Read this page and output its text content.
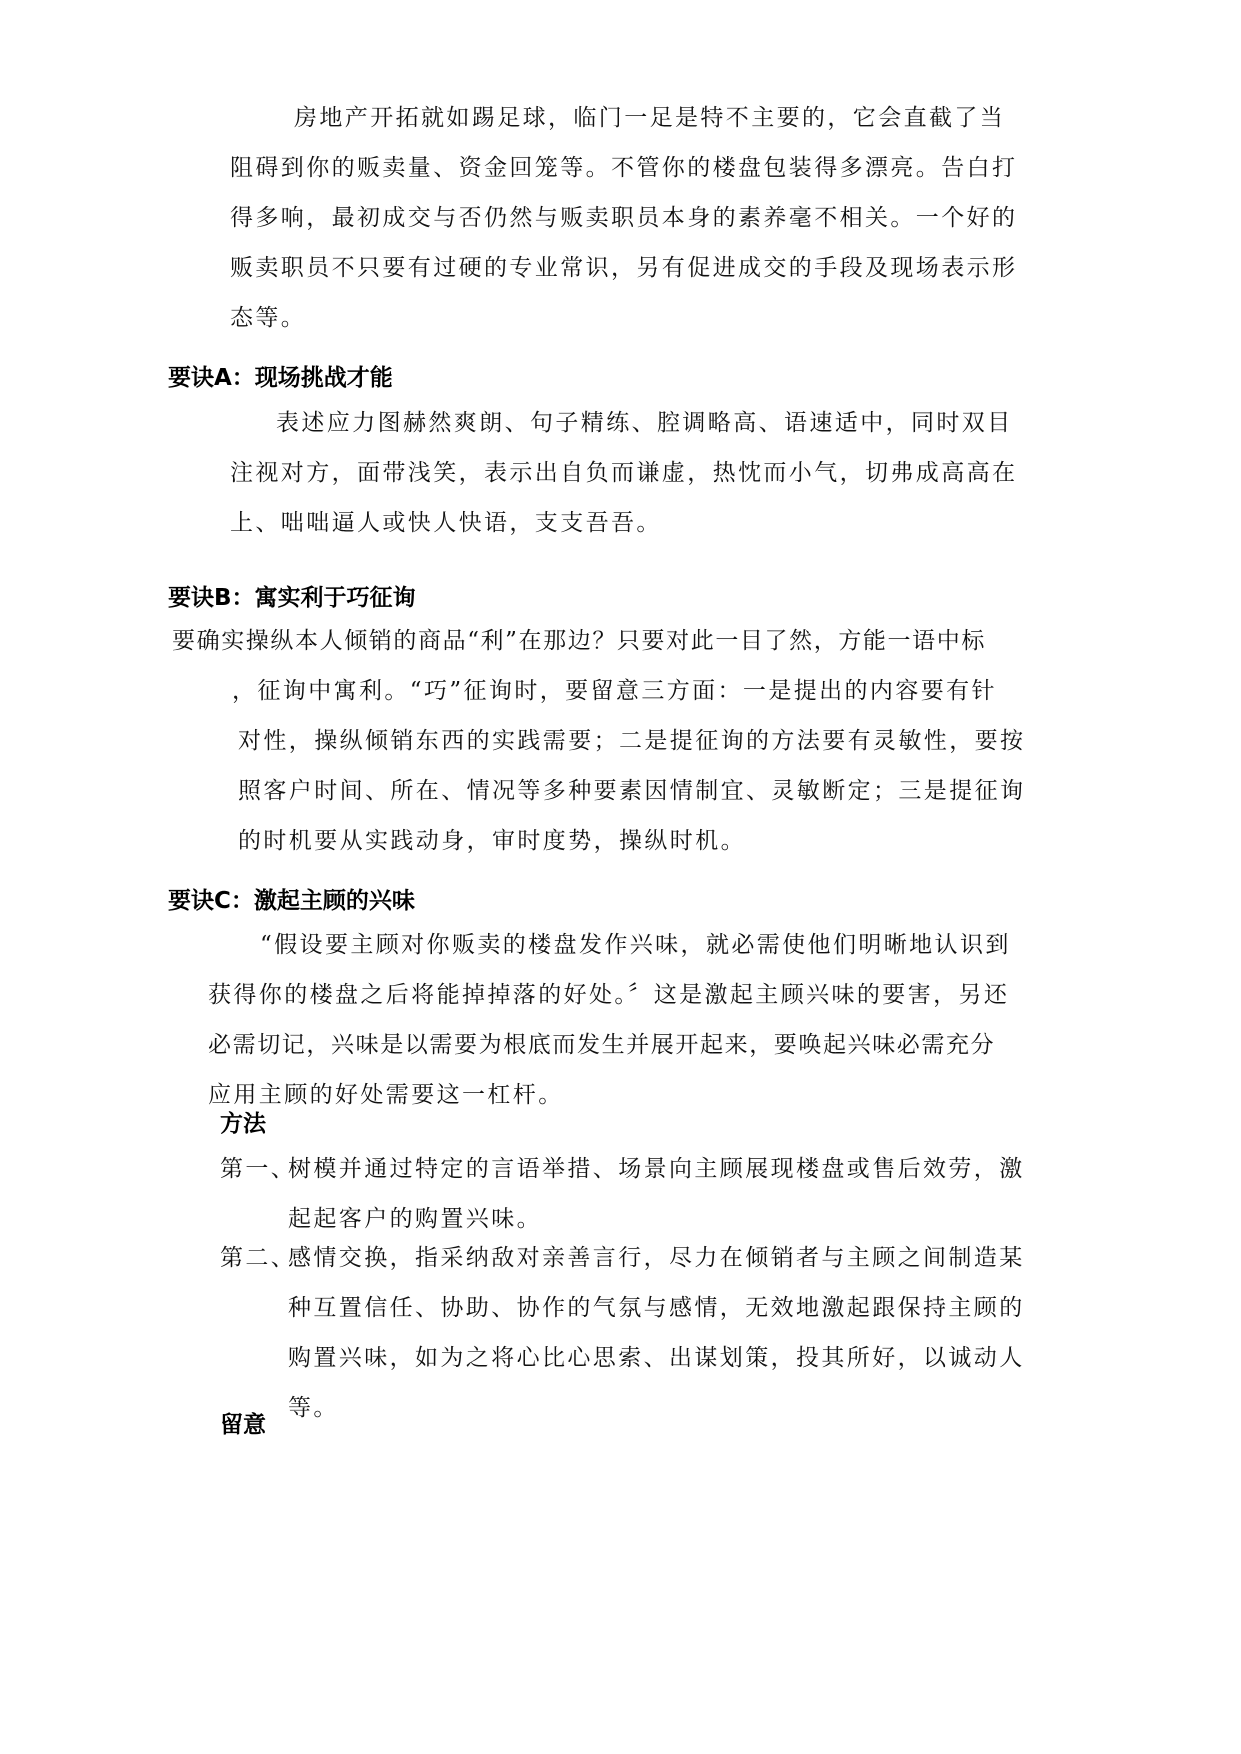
房地产开拓就如踢足球，临门一足是特不主要的，它会直截了当
阻碍到你的贩卖量、资金回笼等。不管你的楼盘包装得多漂亮。告白打
得多响，最初成交与否仍然与贩卖职员本身的素养毫不相关。一个好的
贩卖职员不只要有过硬的专业常识，另有促进成交的手段及现场表示形
态等。
要诀A：现场挑战才能
表述应力图赫然爽朗、句子精练、腔调略高、语速适中，同时双目
注视对方，面带浅笑，表示出自负而谦虚，热忱而小气，切弗成高高在
上、咄咄逼人或快人快语，支支吾吾。
要诀B：寓实利于巧征询
要确实操纵本人倾销的商品“利”在那边？只要对此一目了然，方能一语中标
，征询中寓利。“巧”征询时，要留意三方面：一是提出的内容要有针
对性，操纵倾销东西的实践需要；二是提征询的方法要有灵敏性，要按
照客户时间、所在、情况等多种要素因情制宜、灵敏断定；三是提征询
的时机要从实践动身，审时度势，操纵时机。
要诀C：激起主顾的兴味
“假设要主顾对你贩卖的楼盘发作兴味，就必需使他们明晰地认识到
获得你的楼盘之后将能掉掉落的好处。〞这是激起主顾兴味的要害，另还
必需切记，兴味是以需要为根底而发生并展开起来，要唤起兴味必需充分
应用主顾的好处需要这一杠杆。
方法
第一、
树模并通过特定的言语举措、场景向主顾展现楼盘或售后效劳，激
起起客户的购置兴味。
第二、
感情交换，指采纳敌对亲善言行，尽力在倾销者与主顾之间制造某
种互置信任、协助、协作的气氛与感情，无效地激起跟保持主顾的
购置兴味，如为之将心比心思索、出谋划策，投其所好，以诚动人
等。
留意
